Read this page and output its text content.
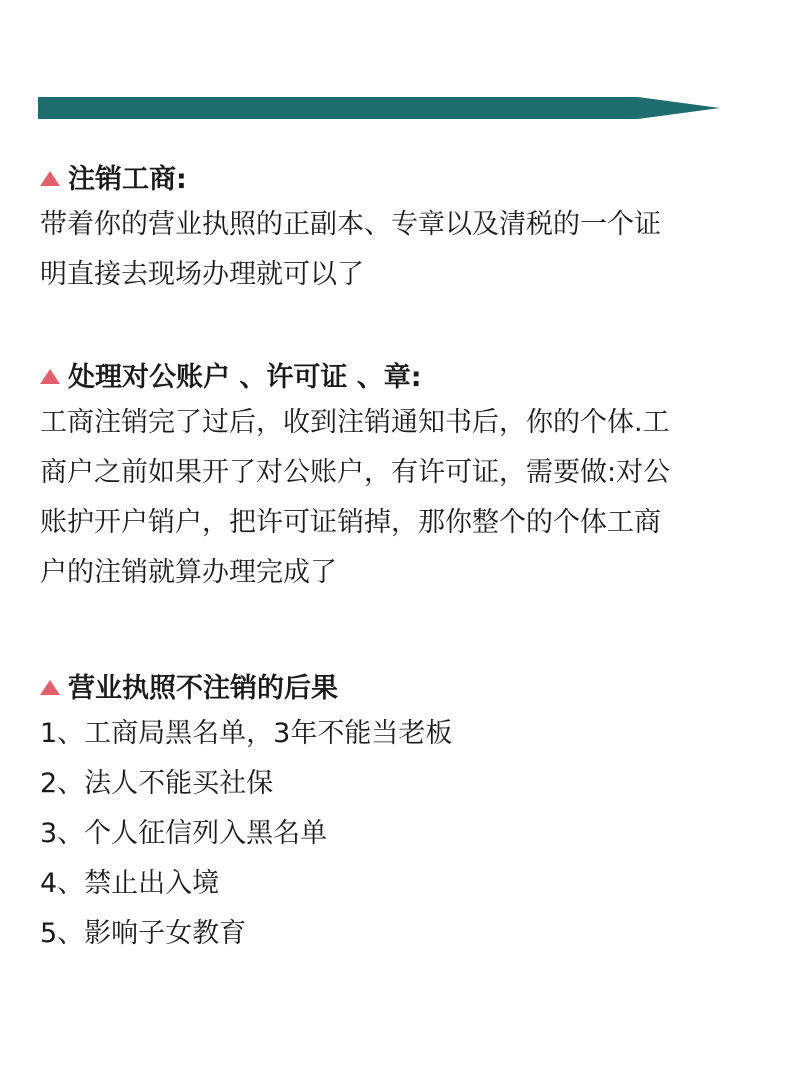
注销工商:

带着你的营业执照的正副本、专章以及清税的一个证
明直接去现场办理就可以了

处理对公账户 、许可证 、章:

工商注销完了过后，收到注销通知书后，你的个体.工
商户之前如果开了对公账户，有许可证，需要做:对公
账护开户销户，把许可证销掉，那你整个的个体工商
户的注销就算办理完成了

营业执照不注销的后果
1、工商局黑名单，3年不能当老板
2、法人不能买社保
3、个人征信列入黑名单
4、禁止出入境
5、影响子女教育
